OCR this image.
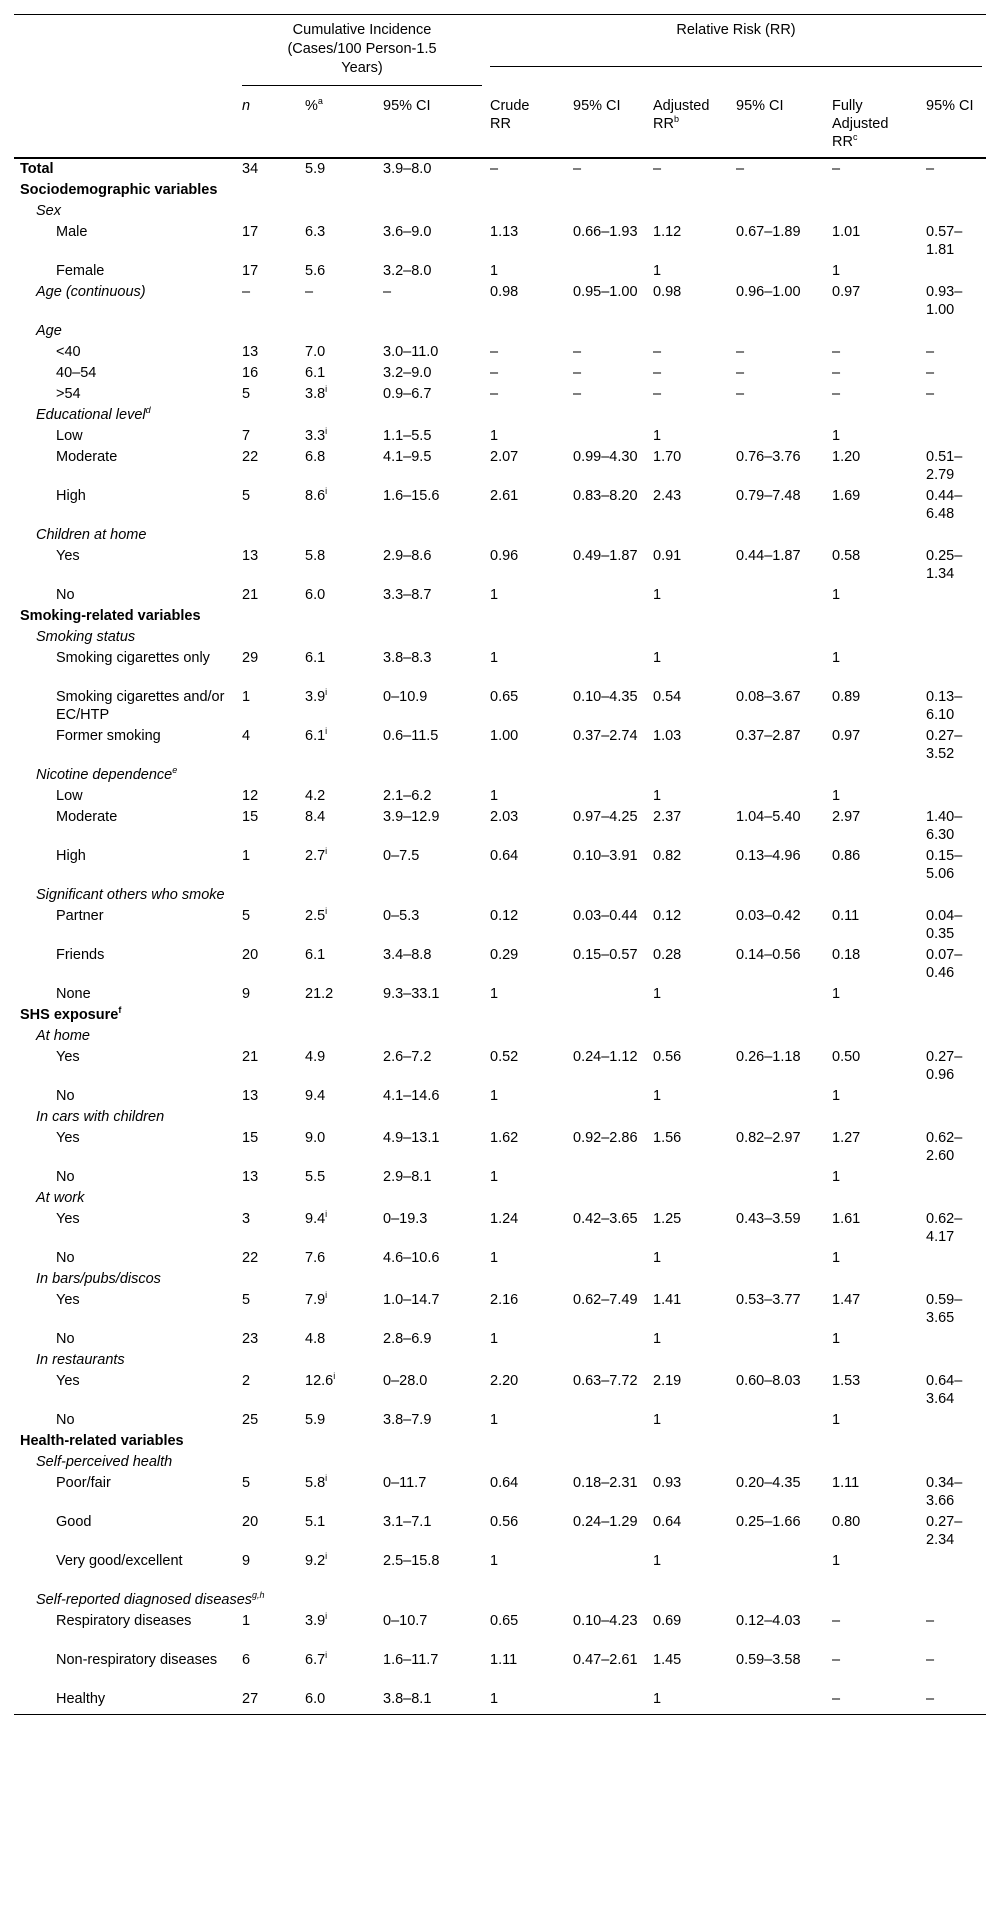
	Cumulative Incidence (Cases/100 Person-1.5 Years)			Relative Risk (RR)					

	n	%$^a$	95% CI	Crude RR	95% CI	Adjusted $RR^b$	95% CI	Fully Adjusted $RR^c$	95% CI
Total	34	5.9	3.9–8.0	–	–	–	–	–	–
Sociodemographic variables									
Sex									
Male	17	6.3	3.6–9.0	1.13	0.66–1.93	1.12	0.67–1.89	1.01	0.57–1.81
Female	17	5.6	3.2–8.0	1		1		1	
Age (continuous)	–	–	–	0.98	0.95–1.00	0.98	0.96–1.00	0.97	0.93–1.00
Age									
<40	13	7.0	3.0–11.0	–	–	–	–	–	–
40–54	16	6.1	3.2–9.0	–	–	–	–	–	–
>54	5	3.8$^i$	0.9–6.7	–	–	–	–	–	–
Educational level$^d$
Low	7	3.3$^i$	1.1–5.5	1		1		1	
Moderate	22	6.8	4.1–9.5	2.07	0.99–4.30	1.70	0.76–3.76	1.20	0.51–2.79
High	5	8.6$^i$	1.6–15.6	2.61	0.83–8.20	2.43	0.79–7.48	1.69	0.44–6.48
Children at home									
Yes	13	5.8	2.9–8.6	0.96	0.49–1.87	0.91	0.44–1.87	0.58	0.25–1.34
No	21	6.0	3.3–8.7	1		1		1	
Smoking-related variables									
Smoking status									
Smoking cigarettes only	29	6.1	3.8–8.3	1		1		1	
Smoking cigarettes and/or EC/HTP	1	3.9$^i$	0–10.9	0.65	0.10–4.35	0.54	0.08–3.67	0.89	0.13–6.10
Former smoking	4	6.1$^i$	0.6–11.5	1.00	0.37–2.74	1.03	0.37–2.87	0.97	0.27–3.52
Nicotine dependence$^e$
Low	12	4.2	2.1–6.2	1		1		1	
Moderate	15	8.4	3.9–12.9	2.03	0.97–4.25	2.37	1.04–5.40	2.97	1.40–6.30
High	1	2.7$^i$	0–7.5	0.64	0.10–3.91	0.82	0.13–4.96	0.86	0.15–5.06
Significant others who smoke									
Partner	5	2.5$^i$	0–5.3	0.12	0.03–0.44	0.12	0.03–0.42	0.11	0.04–0.35
Friends	20	6.1	3.4–8.8	0.29	0.15–0.57	0.28	0.14–0.56	0.18	0.07–0.46
None	9	21.2	9.3–33.1	1		1		1	
SHS exposure$^f$
At home									
Yes	21	4.9	2.6–7.2	0.52	0.24–1.12	0.56	0.26–1.18	0.50	0.27–0.96
No	13	9.4	4.1–14.6	1		1		1	
In cars with children									
Yes	15	9.0	4.9–13.1	1.62	0.92–2.86	1.56	0.82–2.97	1.27	0.62–2.60
No	13	5.5	2.9–8.1	1				1	
At work									
Yes	3	9.4$^i$	0–19.3	1.24	0.42–3.65	1.25	0.43–3.59	1.61	0.62–4.17
No	22	7.6	4.6–10.6	1		1		1	
In bars/pubs/discos									
Yes	5	7.9$^i$	1.0–14.7	2.16	0.62–7.49	1.41	0.53–3.77	1.47	0.59–3.65
No	23	4.8	2.8–6.9	1		1		1	
In restaurants									
Yes	2	12.6$^i$	0–28.0	2.20	0.63–7.72	2.19	0.60–8.03	1.53	0.64–3.64
No	25	5.9	3.8–7.9	1		1		1	
Health-related variables									
Self-perceived health									
Poor/fair	5	5.8$^i$	0–11.7	0.64	0.18–2.31	0.93	0.20–4.35	1.11	0.34–3.66
Good	20	5.1	3.1–7.1	0.56	0.24–1.29	0.64	0.25–1.66	0.80	0.27–2.34
Very good/excellent	9	9.2$^i$	2.5–15.8	1		1		1	
Self-reported diagnosed diseases$^{g,h}$
Respiratory diseases	1	3.9$^i$	0–10.7	0.65	0.10–4.23	0.69	0.12–4.03	–	–
Non-respiratory diseases	6	6.7$^i$	1.6–11.7	1.11	0.47–2.61	1.45	0.59–3.58	–	–
Healthy	27	6.0	3.8–8.1	1		1		–	–
